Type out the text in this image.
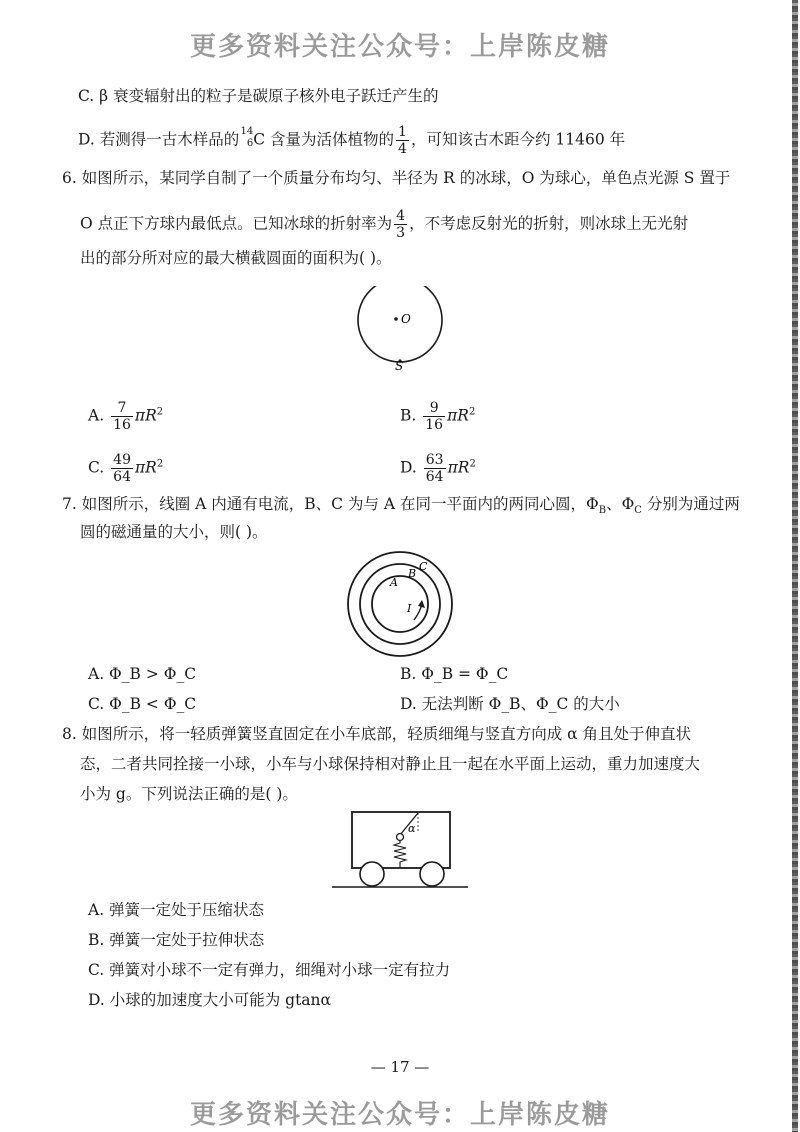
更多资料关注公众号：上岸陈皮糖
C. β 衰变辐射出的粒子是碳原子核外电子跃迁产生的
D. 若测得一古木样品的 14
6 C 含量为活体植物的 $\frac{1}{4}$ ，可知该古木距今约 11460 年
6. 如图所示，某同学自制了一个质量分布均匀、半径为 R 的冰球，O 为球心，单色点光源 S 置于
O 点正下方球内最低点。已知冰球的折射率为 $\frac{4}{3}$ ，不考虑反射光的折射，则冰球上无光射
出的部分所对应的最大横截圆面的面积为( )。
O
S
A. $\frac{7}{16} \pi R^2$	B. $\frac{9}{16} \pi R^2$
C. $\frac{49}{64} \pi R^2$	D. $\frac{63}{64} \pi R^2$
7. 如图所示，线圈 A 内通有电流，B、C 为与 A 在同一平面内的两同心圆，$\Phi_B$、$\Phi_C$ 分别为通过两
圆的磁通量的大小，则( )。
A
B
C
I
A. Φ_B > Φ_C	B. Φ_B = Φ_C
C. Φ_B < Φ_C	D. 无法判断 Φ_B、Φ_C 的大小
8. 如图所示，将一轻质弹簧竖直固定在小车底部，轻质细绳与竖直方向成 α 角且处于伸直状
态，二者共同拴接一小球，小车与小球保持相对静止且一起在水平面上运动，重力加速度大
小为 g。下列说法正确的是( )。
α
A. 弹簧一定处于压缩状态
B. 弹簧一定处于拉伸状态
C. 弹簧对小球不一定有弹力，细绳对小球一定有拉力
D. 小球的加速度大小可能为 gtanα
— 17 —
更多资料关注公众号：上岸陈皮糖
